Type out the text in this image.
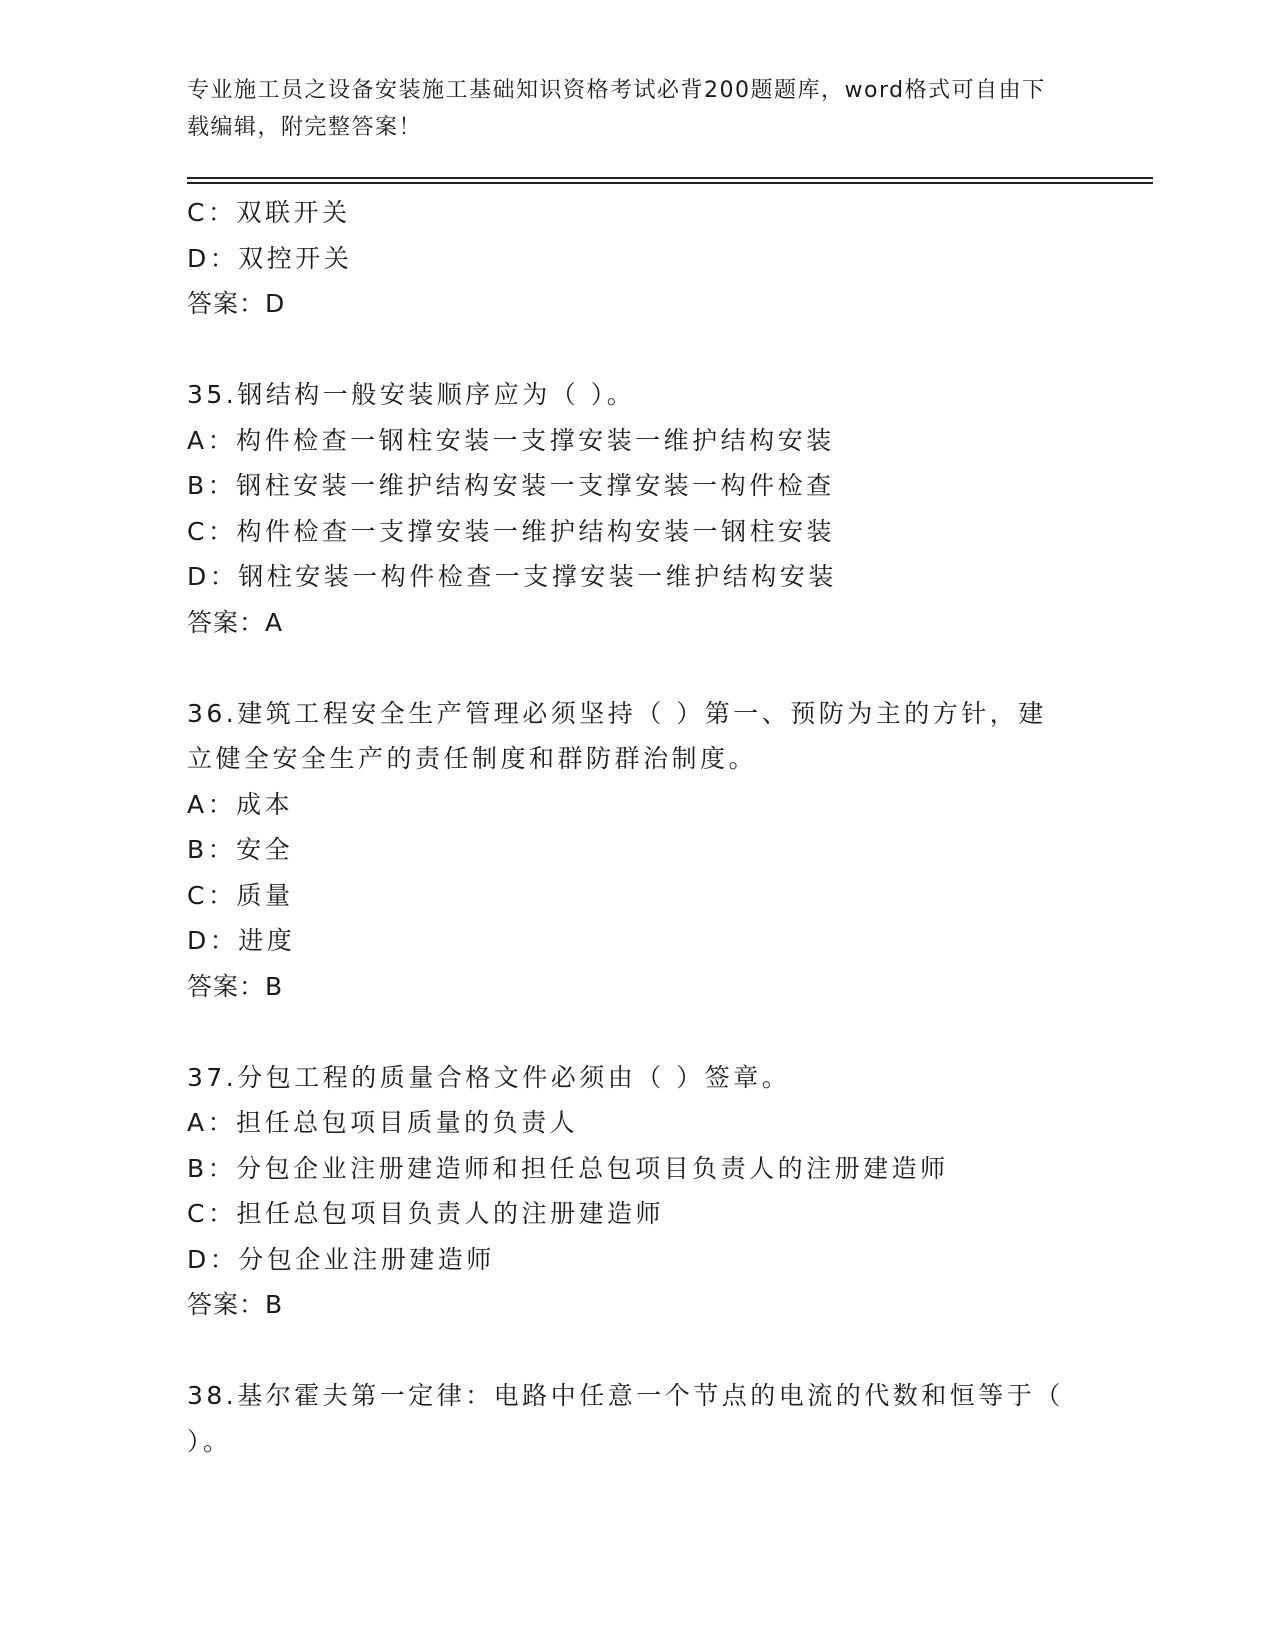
专业施工员之设备安装施工基础知识资格考试必背200题题库，word格式可自由下载编辑，附完整答案！
C：双联开关
D：双控开关
答案：D
35.钢结构一般安装顺序应为（ ）。
A：构件检查一钢柱安装一支撑安装一维护结构安装
B：钢柱安装一维护结构安装一支撑安装一构件检查
C：构件检查一支撑安装一维护结构安装一钢柱安装
D：钢柱安装一构件检查一支撑安装一维护结构安装
答案：A
36.建筑工程安全生产管理必须坚持（ ）第一、预防为主的方针，建立健全安全生产的责任制度和群防群治制度。
A：成本
B：安全
C：质量
D：进度
答案：B
37.分包工程的质量合格文件必须由（ ）签章。
A：担任总包项目质量的负责人
B：分包企业注册建造师和担任总包项目负责人的注册建造师
C：担任总包项目负责人的注册建造师
D：分包企业注册建造师
答案：B
38.基尔霍夫第一定律：电路中任意一个节点的电流的代数和恒等于（ ）。
